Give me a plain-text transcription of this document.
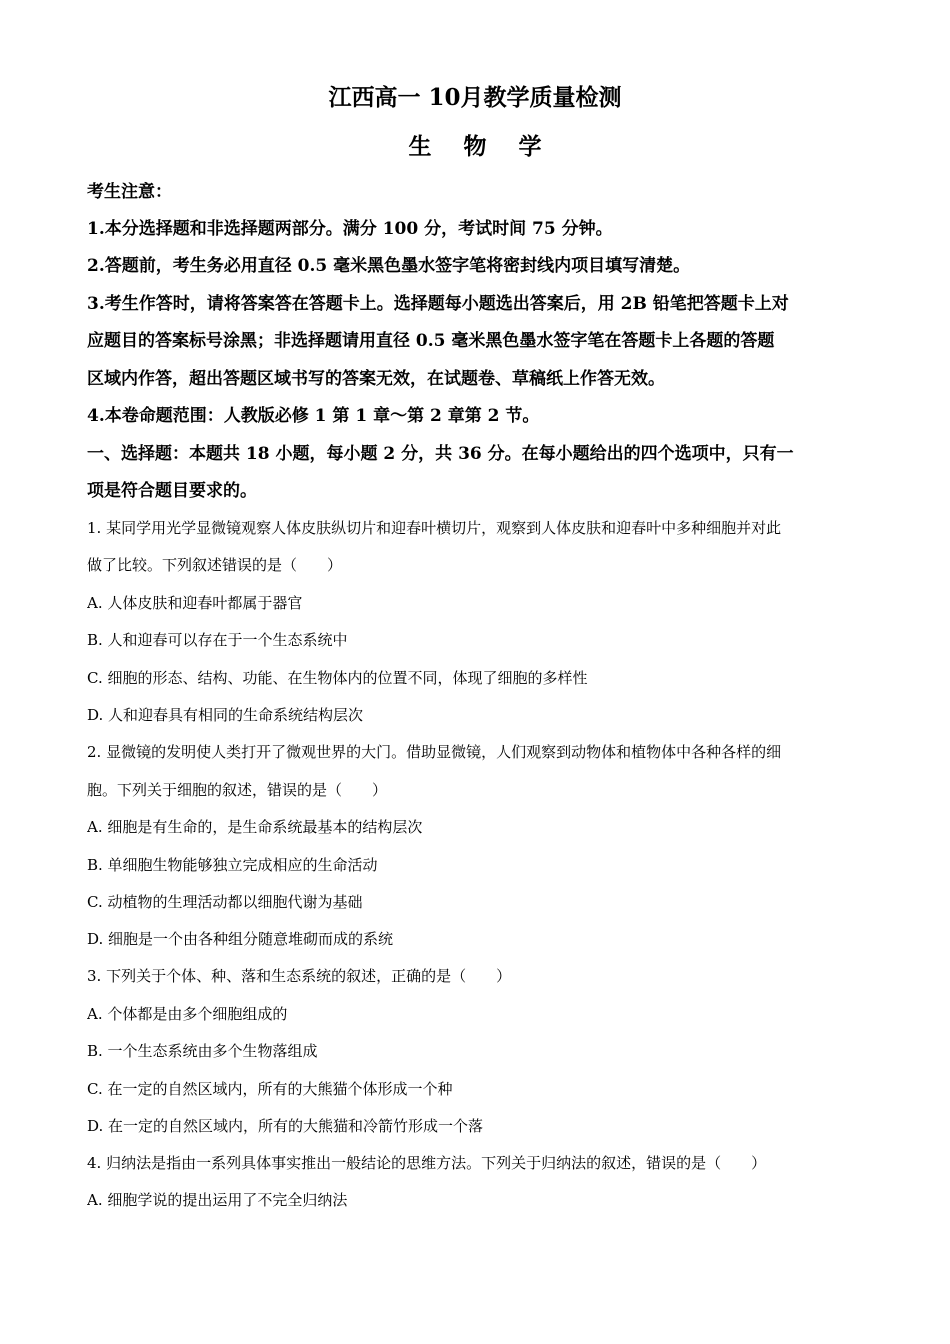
江西高一 10月教学质量检测
生 物 学
考生注意：
1.本分选择题和非选择题两部分。满分 100 分，考试时间 75 分钟。
2.答题前，考生务必用直径 0.5 毫米黑色墨水签字笔将密封线内项目填写清楚。
3.考生作答时，请将答案答在答题卡上。选择题每小题选出答案后，用 2B 铅笔把答题卡上对
应题目的答案标号涂黑；非选择题请用直径 0.5 毫米黑色墨水签字笔在答题卡上各题的答题
区域内作答，超出答题区域书写的答案无效，在试题卷、草稿纸上作答无效。
4.本卷命题范围：人教版必修 1 第 1 章～第 2 章第 2 节。
一、选择题：本题共 18 小题，每小题 2 分，共 36 分。在每小题给出的四个选项中，只有一
项是符合题目要求的。
1. 某同学用光学显微镜观察人体皮肤纵切片和迎春叶横切片，观察到人体皮肤和迎春叶中多种细胞并对此
做了比较。下列叙述错误的是（　　）
A. 人体皮肤和迎春叶都属于器官
B. 人和迎春可以存在于一个生态系统中
C. 细胞的形态、结构、功能、在生物体内的位置不同，体现了细胞的多样性
D. 人和迎春具有相同的生命系统结构层次
2. 显微镜的发明使人类打开了微观世界的大门。借助显微镜，人们观察到动物体和植物体中各种各样的细
胞。下列关于细胞的叙述，错误的是（　　）
A. 细胞是有生命的，是生命系统最基本的结构层次
B. 单细胞生物能够独立完成相应的生命活动
C. 动植物的生理活动都以细胞代谢为基础
D. 细胞是一个由各种组分随意堆砌而成的系统
3. 下列关于个体、种、落和生态系统的叙述，正确的是（　　）
A. 个体都是由多个细胞组成的
B. 一个生态系统由多个生物落组成
C. 在一定的自然区域内，所有的大熊猫个体形成一个种
D. 在一定的自然区域内，所有的大熊猫和冷箭竹形成一个落
4. 归纳法是指由一系列具体事实推出一般结论的思维方法。下列关于归纳法的叙述，错误的是（　　）
A. 细胞学说的提出运用了不完全归纳法
